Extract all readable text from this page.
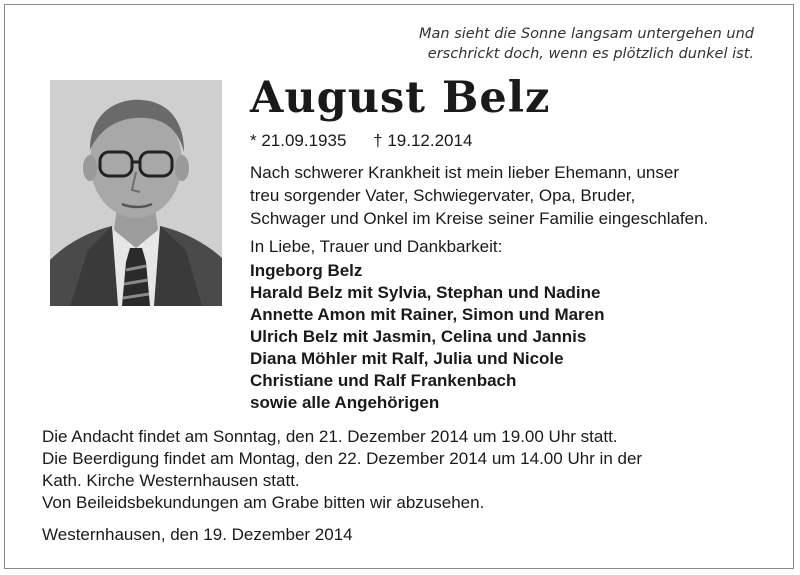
Man sieht die Sonne langsam untergehen und
erschrickt doch, wenn es plötzlich dunkel ist.
August Belz
* 21.09.1935 † 19.12.2014
Nach schwerer Krankheit ist mein lieber Ehemann, unser
treu sorgender Vater, Schwiegervater, Opa, Bruder,
Schwager und Onkel im Kreise seiner Familie eingeschlafen.
In Liebe, Trauer und Dankbarkeit:
Ingeborg Belz
Harald Belz mit Sylvia, Stephan und Nadine
Annette Amon mit Rainer, Simon und Maren
Ulrich Belz mit Jasmin, Celina und Jannis
Diana Möhler mit Ralf, Julia und Nicole
Christiane und Ralf Frankenbach
sowie alle Angehörigen
Die Andacht findet am Sonntag, den 21. Dezember 2014 um 19.00 Uhr statt.
Die Beerdigung findet am Montag, den 22. Dezember 2014 um 14.00 Uhr in der
Kath. Kirche Westernhausen statt.
Von Beileidsbekundungen am Grabe bitten wir abzusehen.
Westernhausen, den 19. Dezember 2014
